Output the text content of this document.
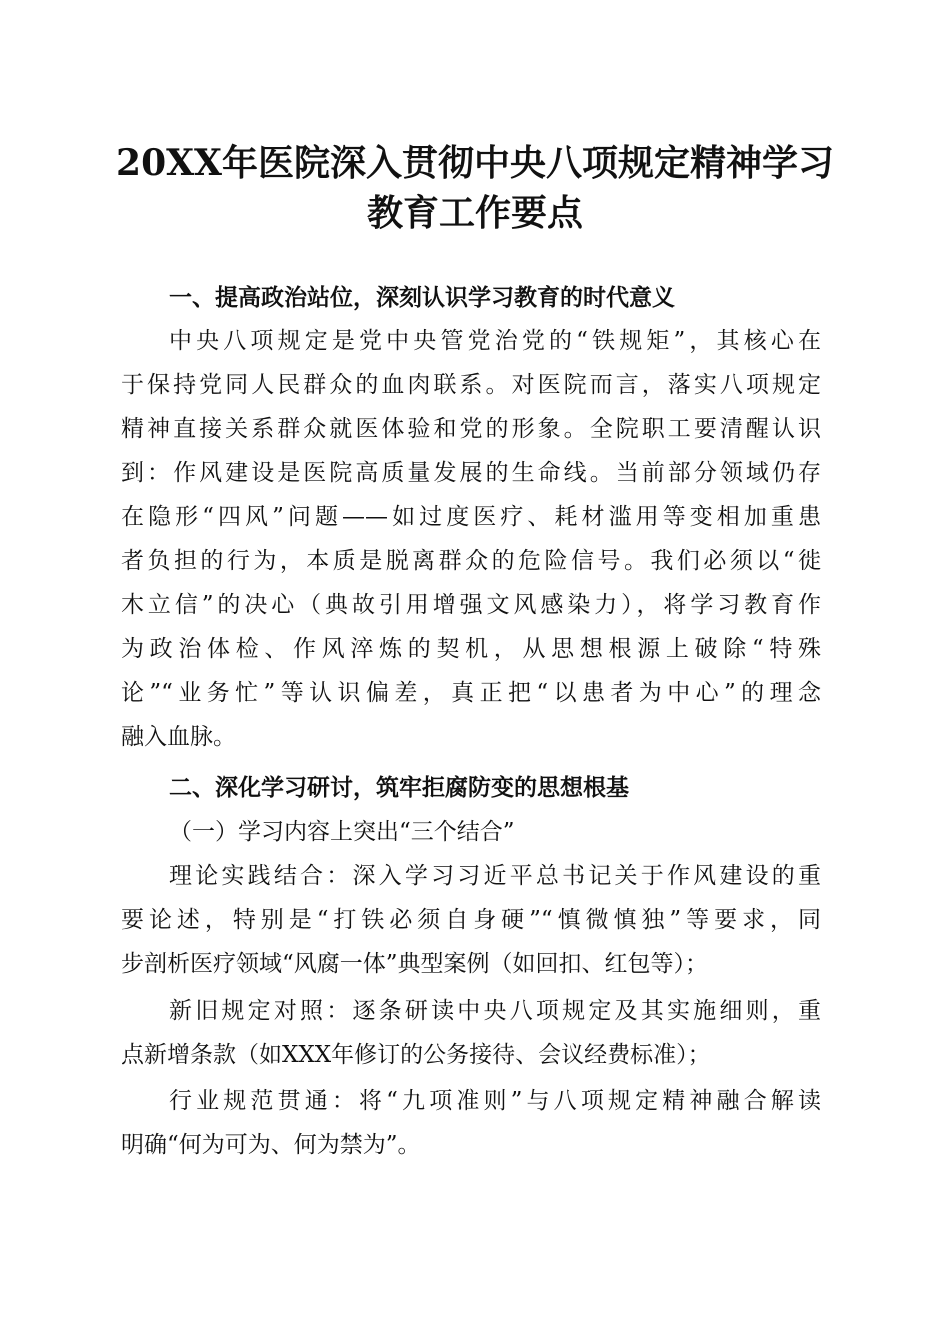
20XX年医院深入贯彻中央八项规定精神学习
教育工作要点
一、提高政治站位，深刻认识学习教育的时代意义
中央八项规定是党中央管党治党的“铁规矩”，其核心在
于保持党同人民群众的血肉联系。对医院而言，落实八项规定
精神直接关系群众就医体验和党的形象。全院职工要清醒认识
到：作风建设是医院高质量发展的生命线。当前部分领域仍存
在隐形“四风”问题——如过度医疗、耗材滥用等变相加重患
者负担的行为，本质是脱离群众的危险信号。我们必须以“徙
木立信”的决心（典故引用增强文风感染力），将学习教育作
为政治体检、作风淬炼的契机，从思想根源上破除“特殊
论”“业务忙”等认识偏差，真正把“以患者为中心”的理念
融入血脉。
二、深化学习研讨，筑牢拒腐防变的思想根基
（一）学习内容上突出“三个结合”
理论实践结合：深入学习习近平总书记关于作风建设的重
要论述，特别是“打铁必须自身硬”“慎微慎独”等要求，同
步剖析医疗领域“风腐一体”典型案例（如回扣、红包等）；
新旧规定对照：逐条研读中央八项规定及其实施细则，重
点新增条款（如XXX年修订的公务接待、会议经费标准）；
行业规范贯通：将“九项准则”与八项规定精神融合解读
明确“何为可为、何为禁为”。
